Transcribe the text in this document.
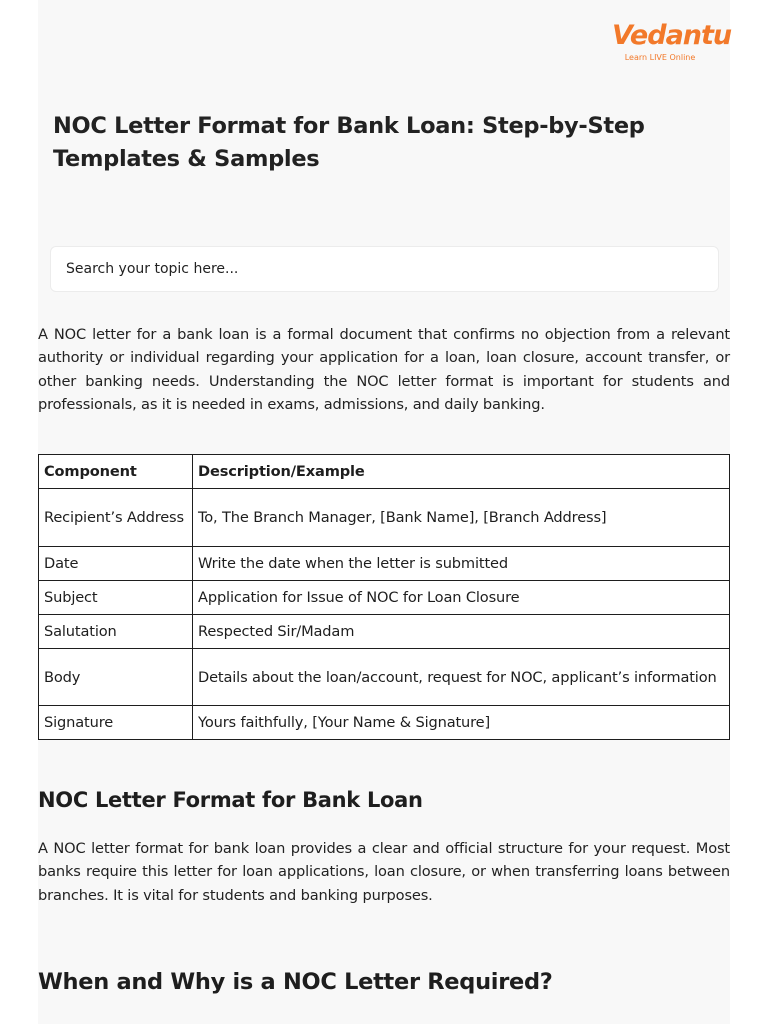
Vedantu
Learn LIVE Online
NOC Letter Format for Bank Loan: Step-by-Step Templates & Samples
Search your topic here...

A NOC letter for a bank loan is a formal document that confirms no objection from a relevant authority or individual regarding your application for a loan, loan closure, account transfer, or other banking needs. Understanding the NOC letter format is important for students and professionals, as it is needed in exams, admissions, and daily banking.

Component	Description/Example
Recipient’s Address	To, The Branch Manager, [Bank Name], [Branch Address]
Date	Write the date when the letter is submitted
Subject	Application for Issue of NOC for Loan Closure
Salutation	Respected Sir/Madam
Body	Details about the loan/account, request for NOC, applicant’s information
Signature	Yours faithfully, [Your Name & Signature]
NOC Letter Format for Bank Loan

A NOC letter format for bank loan provides a clear and official structure for your request. Most banks require this letter for loan applications, loan closure, or when transferring loans between branches. It is vital for students and banking purposes.

When and Why is a NOC Letter Required?
